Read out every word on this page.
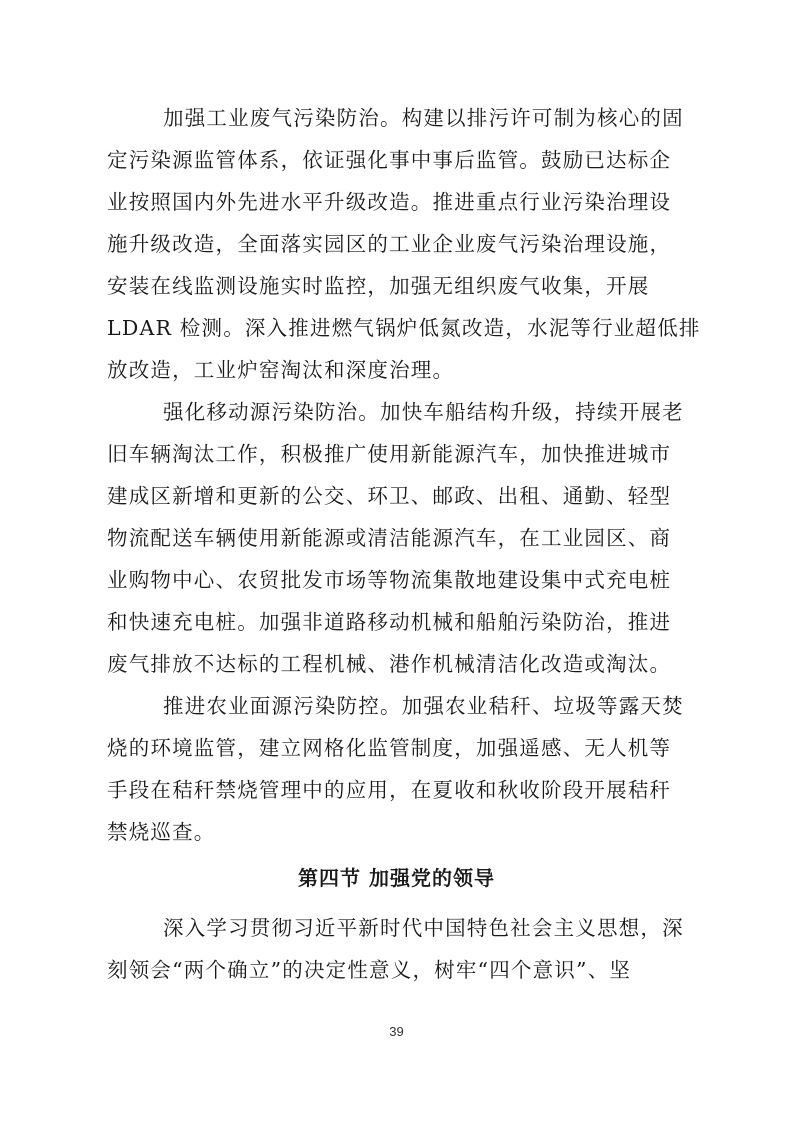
加强工业废气污染防治。构建以排污许可制为核心的固
定污染源监管体系，依证强化事中事后监管。鼓励已达标企
业按照国内外先进水平升级改造。推进重点行业污染治理设
施升级改造，全面落实园区的工业企业废气污染治理设施，
安装在线监测设施实时监控，加强无组织废气收集，开展
LDAR 检测。深入推进燃气锅炉低氮改造，水泥等行业超低排
放改造，工业炉窑淘汰和深度治理。
强化移动源污染防治。加快车船结构升级，持续开展老
旧车辆淘汰工作，积极推广使用新能源汽车，加快推进城市
建成区新增和更新的公交、环卫、邮政、出租、通勤、轻型
物流配送车辆使用新能源或清洁能源汽车，在工业园区、商
业购物中心、农贸批发市场等物流集散地建设集中式充电桩
和快速充电桩。加强非道路移动机械和船舶污染防治，推进
废气排放不达标的工程机械、港作机械清洁化改造或淘汰。
推进农业面源污染防控。加强农业秸秆、垃圾等露天焚
烧的环境监管，建立网格化监管制度，加强遥感、无人机等
手段在秸秆禁烧管理中的应用，在夏收和秋收阶段开展秸秆
禁烧巡查。
第四节 加强党的领导
深入学习贯彻习近平新时代中国特色社会主义思想，深
刻领会“两个确立”的决定性意义，树牢“四个意识”、坚
39
